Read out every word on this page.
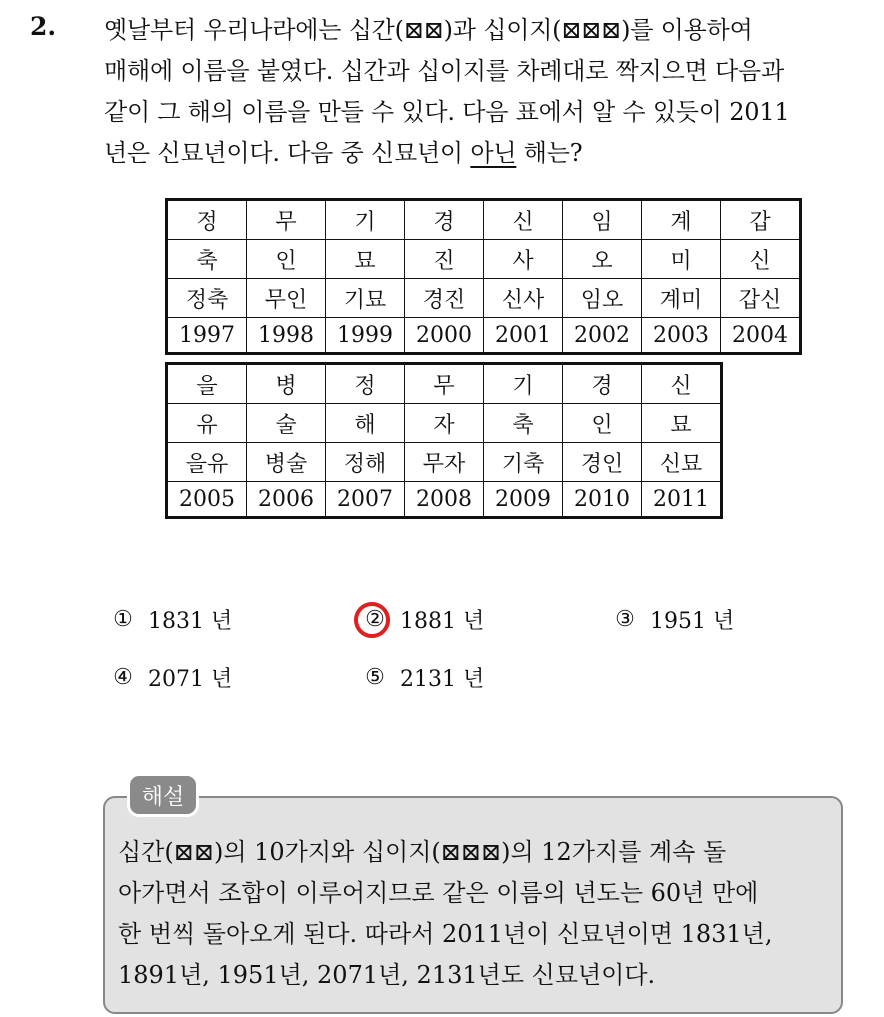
2.	옛날부터 우리나라에는 십간(⊠⊠)과 십이지(⊠⊠⊠)를 이용하여
매해에 이름을 붙였다. 십간과 십이지를 차례대로 짝지으면 다음과
같이 그 해의 이름을 만들 수 있다. 다음 표에서 알 수 있듯이 2011
년은 신묘년이다. 다음 중 신묘년이 아닌 해는?
정	무	기	경	신	임	계	갑
축	인	묘	진	사	오	미	신
정축	무인	기묘	경진	신사	임오	계미	갑신
1997	1998	1999	2000	2001	2002	2003	2004
을	병	정	무	기	경	신
유	술	해	자	축	인	묘
을유	병술	정해	무자	기축	경인	신묘
2005	2006	2007	2008	2009	2010	2011
① 1831 년	② 1881 년	③ 1951 년
④ 2071 년	⑤ 2131 년
해설
십간(⊠⊠)의 10가지와 십이지(⊠⊠⊠)의 12가지를 계속 돌
아가면서 조합이 이루어지므로 같은 이름의 년도는 60년 만에
한 번씩 돌아오게 된다. 따라서 2011년이 신묘년이면 1831년,
1891년, 1951년, 2071년, 2131년도 신묘년이다.
